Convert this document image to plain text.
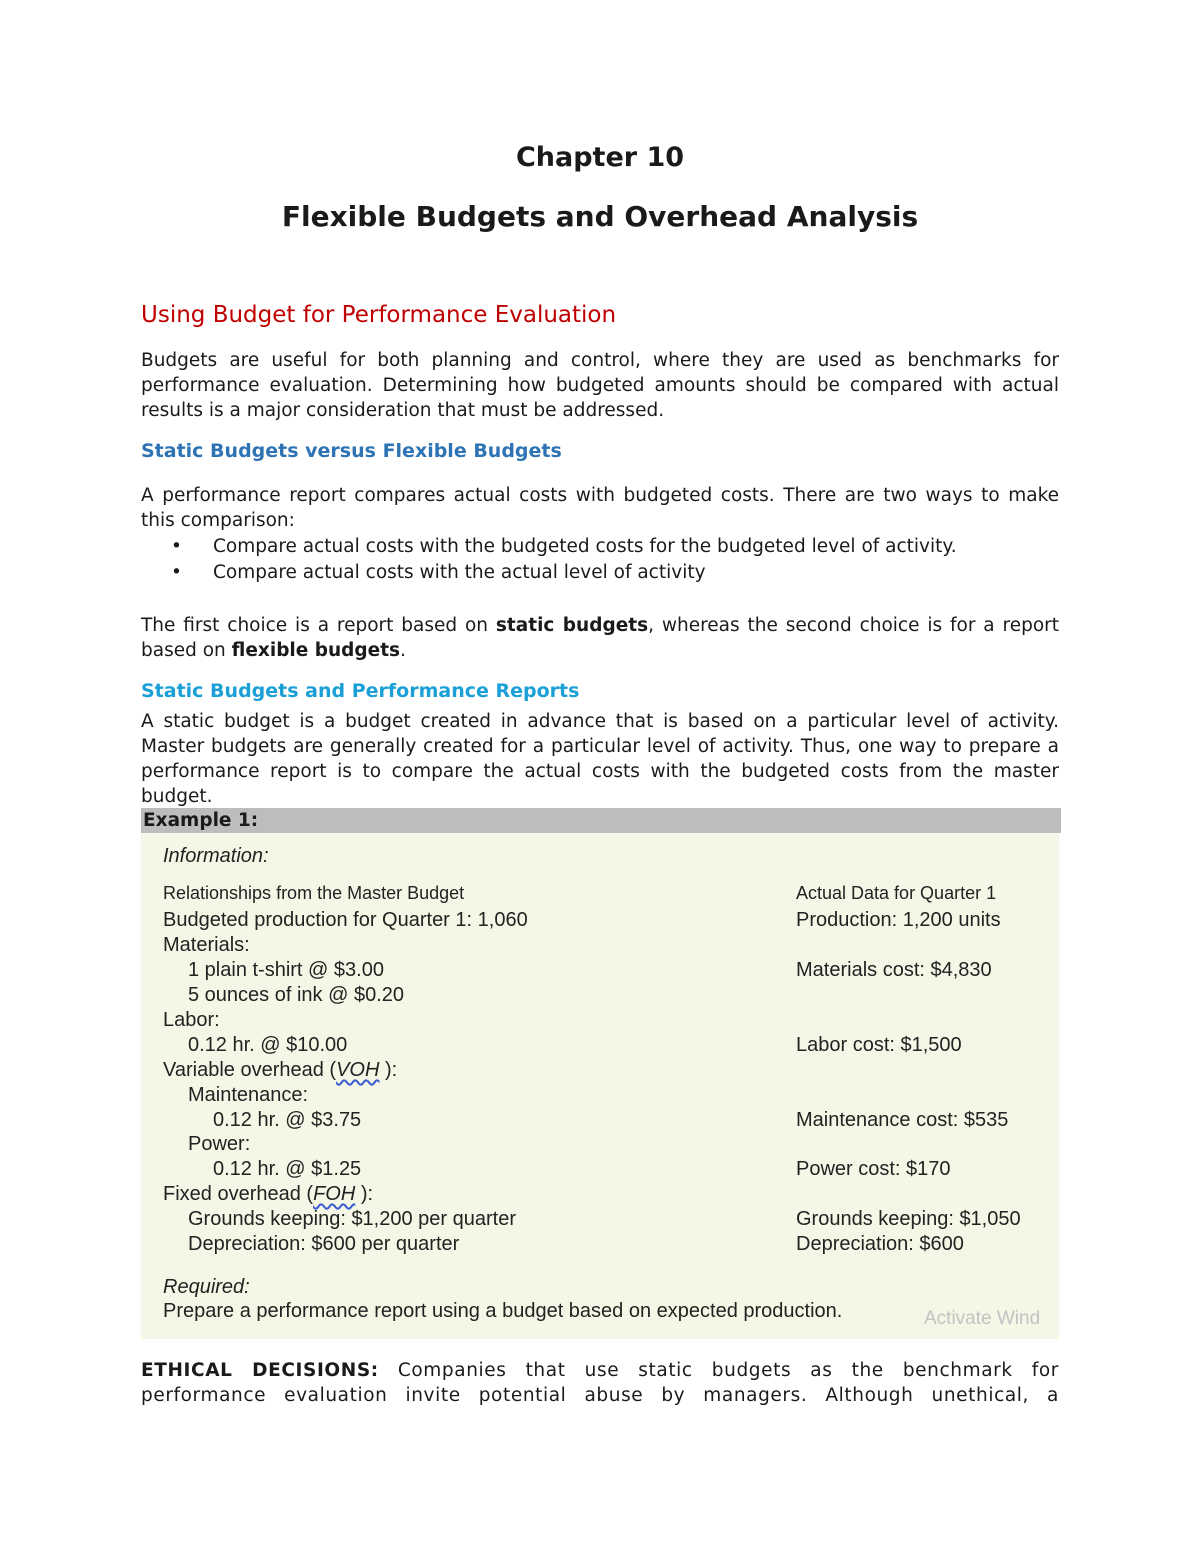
Chapter 10
Flexible Budgets and Overhead Analysis
Using Budget for Performance Evaluation
Budgets are useful for both planning and control, where they are used as benchmarks for performance evaluation. Determining how budgeted amounts should be compared with actual results is a major consideration that must be addressed.
Static Budgets versus Flexible Budgets
A performance report compares actual costs with budgeted costs. There are two ways to make this comparison:
•	Compare actual costs with the budgeted costs for the budgeted level of activity.
•	Compare actual costs with the actual level of activity
The first choice is a report based on static budgets, whereas the second choice is for a report based on flexible budgets.
Static Budgets and Performance Reports
A static budget is a budget created in advance that is based on a particular level of activity. Master budgets are generally created for a particular level of activity. Thus, one way to prepare a performance report is to compare the actual costs with the budgeted costs from the master budget.
Example 1:
Information:
Relationships from the Master Budget	Actual Data for Quarter 1
Budgeted production for Quarter 1: 1,060	Production: 1,200 units
Materials:
1 plain t-shirt @ $3.00	Materials cost: $4,830
5 ounces of ink @ $0.20
Labor:
0.12 hr. @ $10.00	Labor cost: $1,500
Variable overhead (VOH ):
Maintenance:
0.12 hr. @ $3.75	Maintenance cost: $535
Power:
0.12 hr. @ $1.25	Power cost: $170
Fixed overhead (FOH ):
Grounds keeping: $1,200 per quarter	Grounds keeping: $1,050
Depreciation: $600 per quarter	Depreciation: $600
Required:
Prepare a performance report using a budget based on expected production.	Activate Wind
ETHICAL DECISIONS: Companies that use static budgets as the benchmark for performance evaluation invite potential abuse by managers. Although unethical, a
